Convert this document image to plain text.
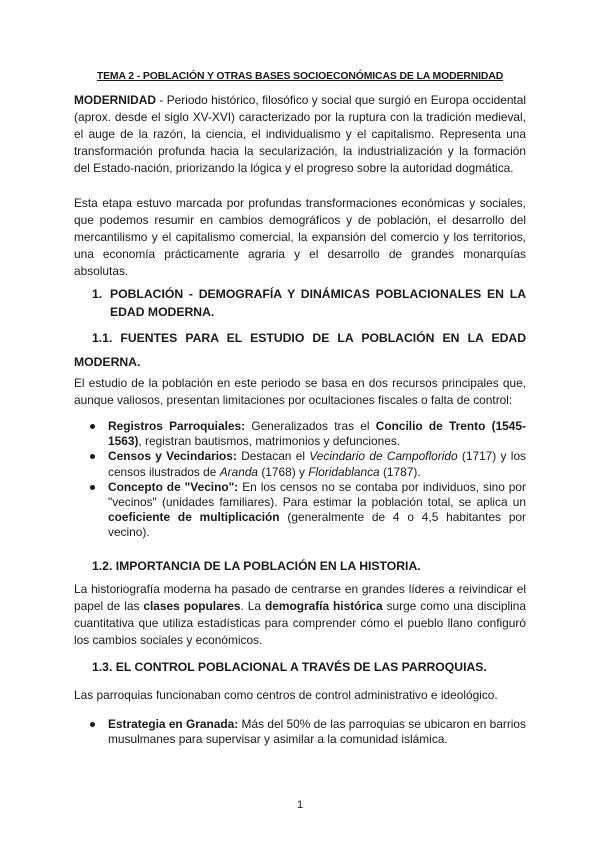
TEMA 2 - POBLACIÓN Y OTRAS BASES SOCIOECONÓMICAS DE LA MODERNIDAD

MODERNIDAD - Periodo histórico, filosófico y social que surgió en Europa occidental (aprox. desde el siglo XV-XVI) caracterizado por la ruptura con la tradición medieval, el auge de la razón, la ciencia, el individualismo y el capitalismo. Representa una transformación profunda hacia la secularización, la industrialización y la formación del Estado-nación, priorizando la lógica y el progreso sobre la autoridad dogmática.

Esta etapa estuvo marcada por profundas transformaciones económicas y sociales, que podemos resumir en cambios demográficos y de población, el desarrollo del mercantilismo y el capitalismo comercial, la expansión del comercio y los territorios, una economía prácticamente agraria y el desarrollo de grandes monarquías absolutas.

1. POBLACIÓN - DEMOGRAFÍA Y DINÁMICAS POBLACIONALES EN LA EDAD MODERNA.
1.1. FUENTES PARA EL ESTUDIO DE LA POBLACIÓN EN LA EDAD MODERNA.

El estudio de la población en este periodo se basa en dos recursos principales que, aunque valiosos, presentan limitaciones por ocultaciones fiscales o falta de control:

Registros Parroquiales: Generalizados tras el Concilio de Trento (1545-1563), registran bautismos, matrimonios y defunciones.
Censos y Vecindarios: Destacan el Vecindario de Campoflorido (1717) y los censos ilustrados de Aranda (1768) y Floridablanca (1787).
Concepto de "Vecino": En los censos no se contaba por individuos, sino por "vecinos" (unidades familiares). Para estimar la población total, se aplica un coeficiente de multiplicación (generalmente de 4 o 4,5 habitantes por vecino).
1.2. IMPORTANCIA DE LA POBLACIÓN EN LA HISTORIA.

La historiografía moderna ha pasado de centrarse en grandes líderes a reivindicar el papel de las clases populares. La demografía histórica surge como una disciplina cuantitativa que utiliza estadísticas para comprender cómo el pueblo llano configuró los cambios sociales y económicos.

1.3. EL CONTROL POBLACIONAL A TRAVÉS DE LAS PARROQUIAS.

Las parroquias funcionaban como centros de control administrativo e ideológico.

Estrategia en Granada: Más del 50% de las parroquias se ubicaron en barrios musulmanes para supervisar y asimilar a la comunidad islámica.
1
